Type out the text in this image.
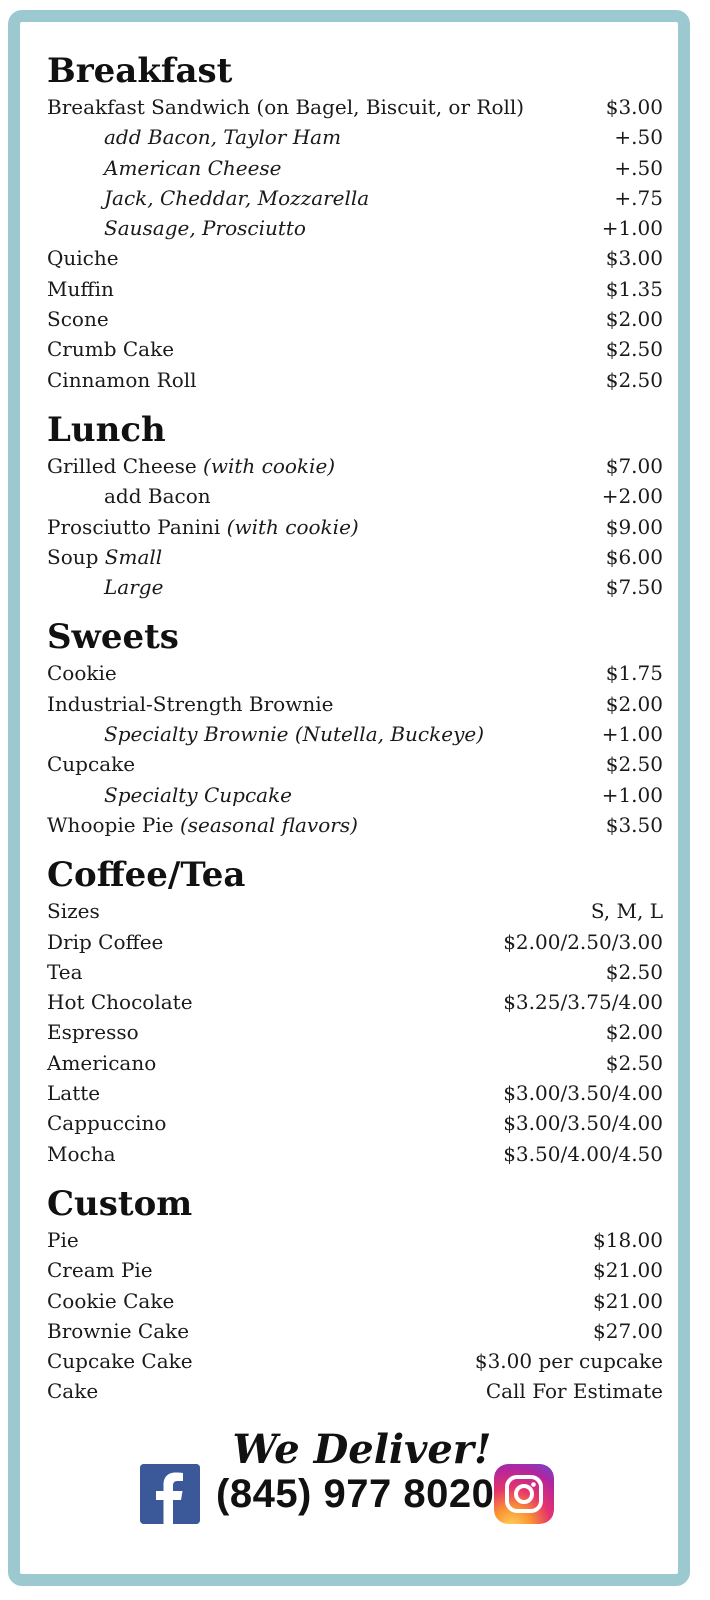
Breakfast
Breakfast Sandwich (on Bagel, Biscuit, or Roll)	$3.00
add Bacon, Taylor Ham	+.50
American Cheese	+.50
Jack, Cheddar, Mozzarella	+.75
Sausage, Prosciutto	+1.00
Quiche	$3.00
Muffin	$1.35
Scone	$2.00
Crumb Cake	$2.50
Cinnamon Roll	$2.50
Lunch
Grilled Cheese (with cookie)	$7.00
add Bacon	+2.00
Prosciutto Panini (with cookie)	$9.00
Soup Small	$6.00
Large	$7.50
Sweets
Cookie	$1.75
Industrial-Strength Brownie	$2.00
Specialty Brownie (Nutella, Buckeye)	+1.00
Cupcake	$2.50
Specialty Cupcake	+1.00
Whoopie Pie (seasonal flavors)	$3.50
Coffee/Tea
Sizes	S, M, L
Drip Coffee	$2.00/2.50/3.00
Tea	$2.50
Hot Chocolate	$3.25/3.75/4.00
Espresso	$2.00
Americano	$2.50
Latte	$3.00/3.50/4.00
Cappuccino	$3.00/3.50/4.00
Mocha	$3.50/4.00/4.50
Custom
Pie	$18.00
Cream Pie	$21.00
Cookie Cake	$21.00
Brownie Cake	$27.00
Cupcake Cake	$3.00 per cupcake
Cake	Call For Estimate
We Deliver!
(845) 977 8020
